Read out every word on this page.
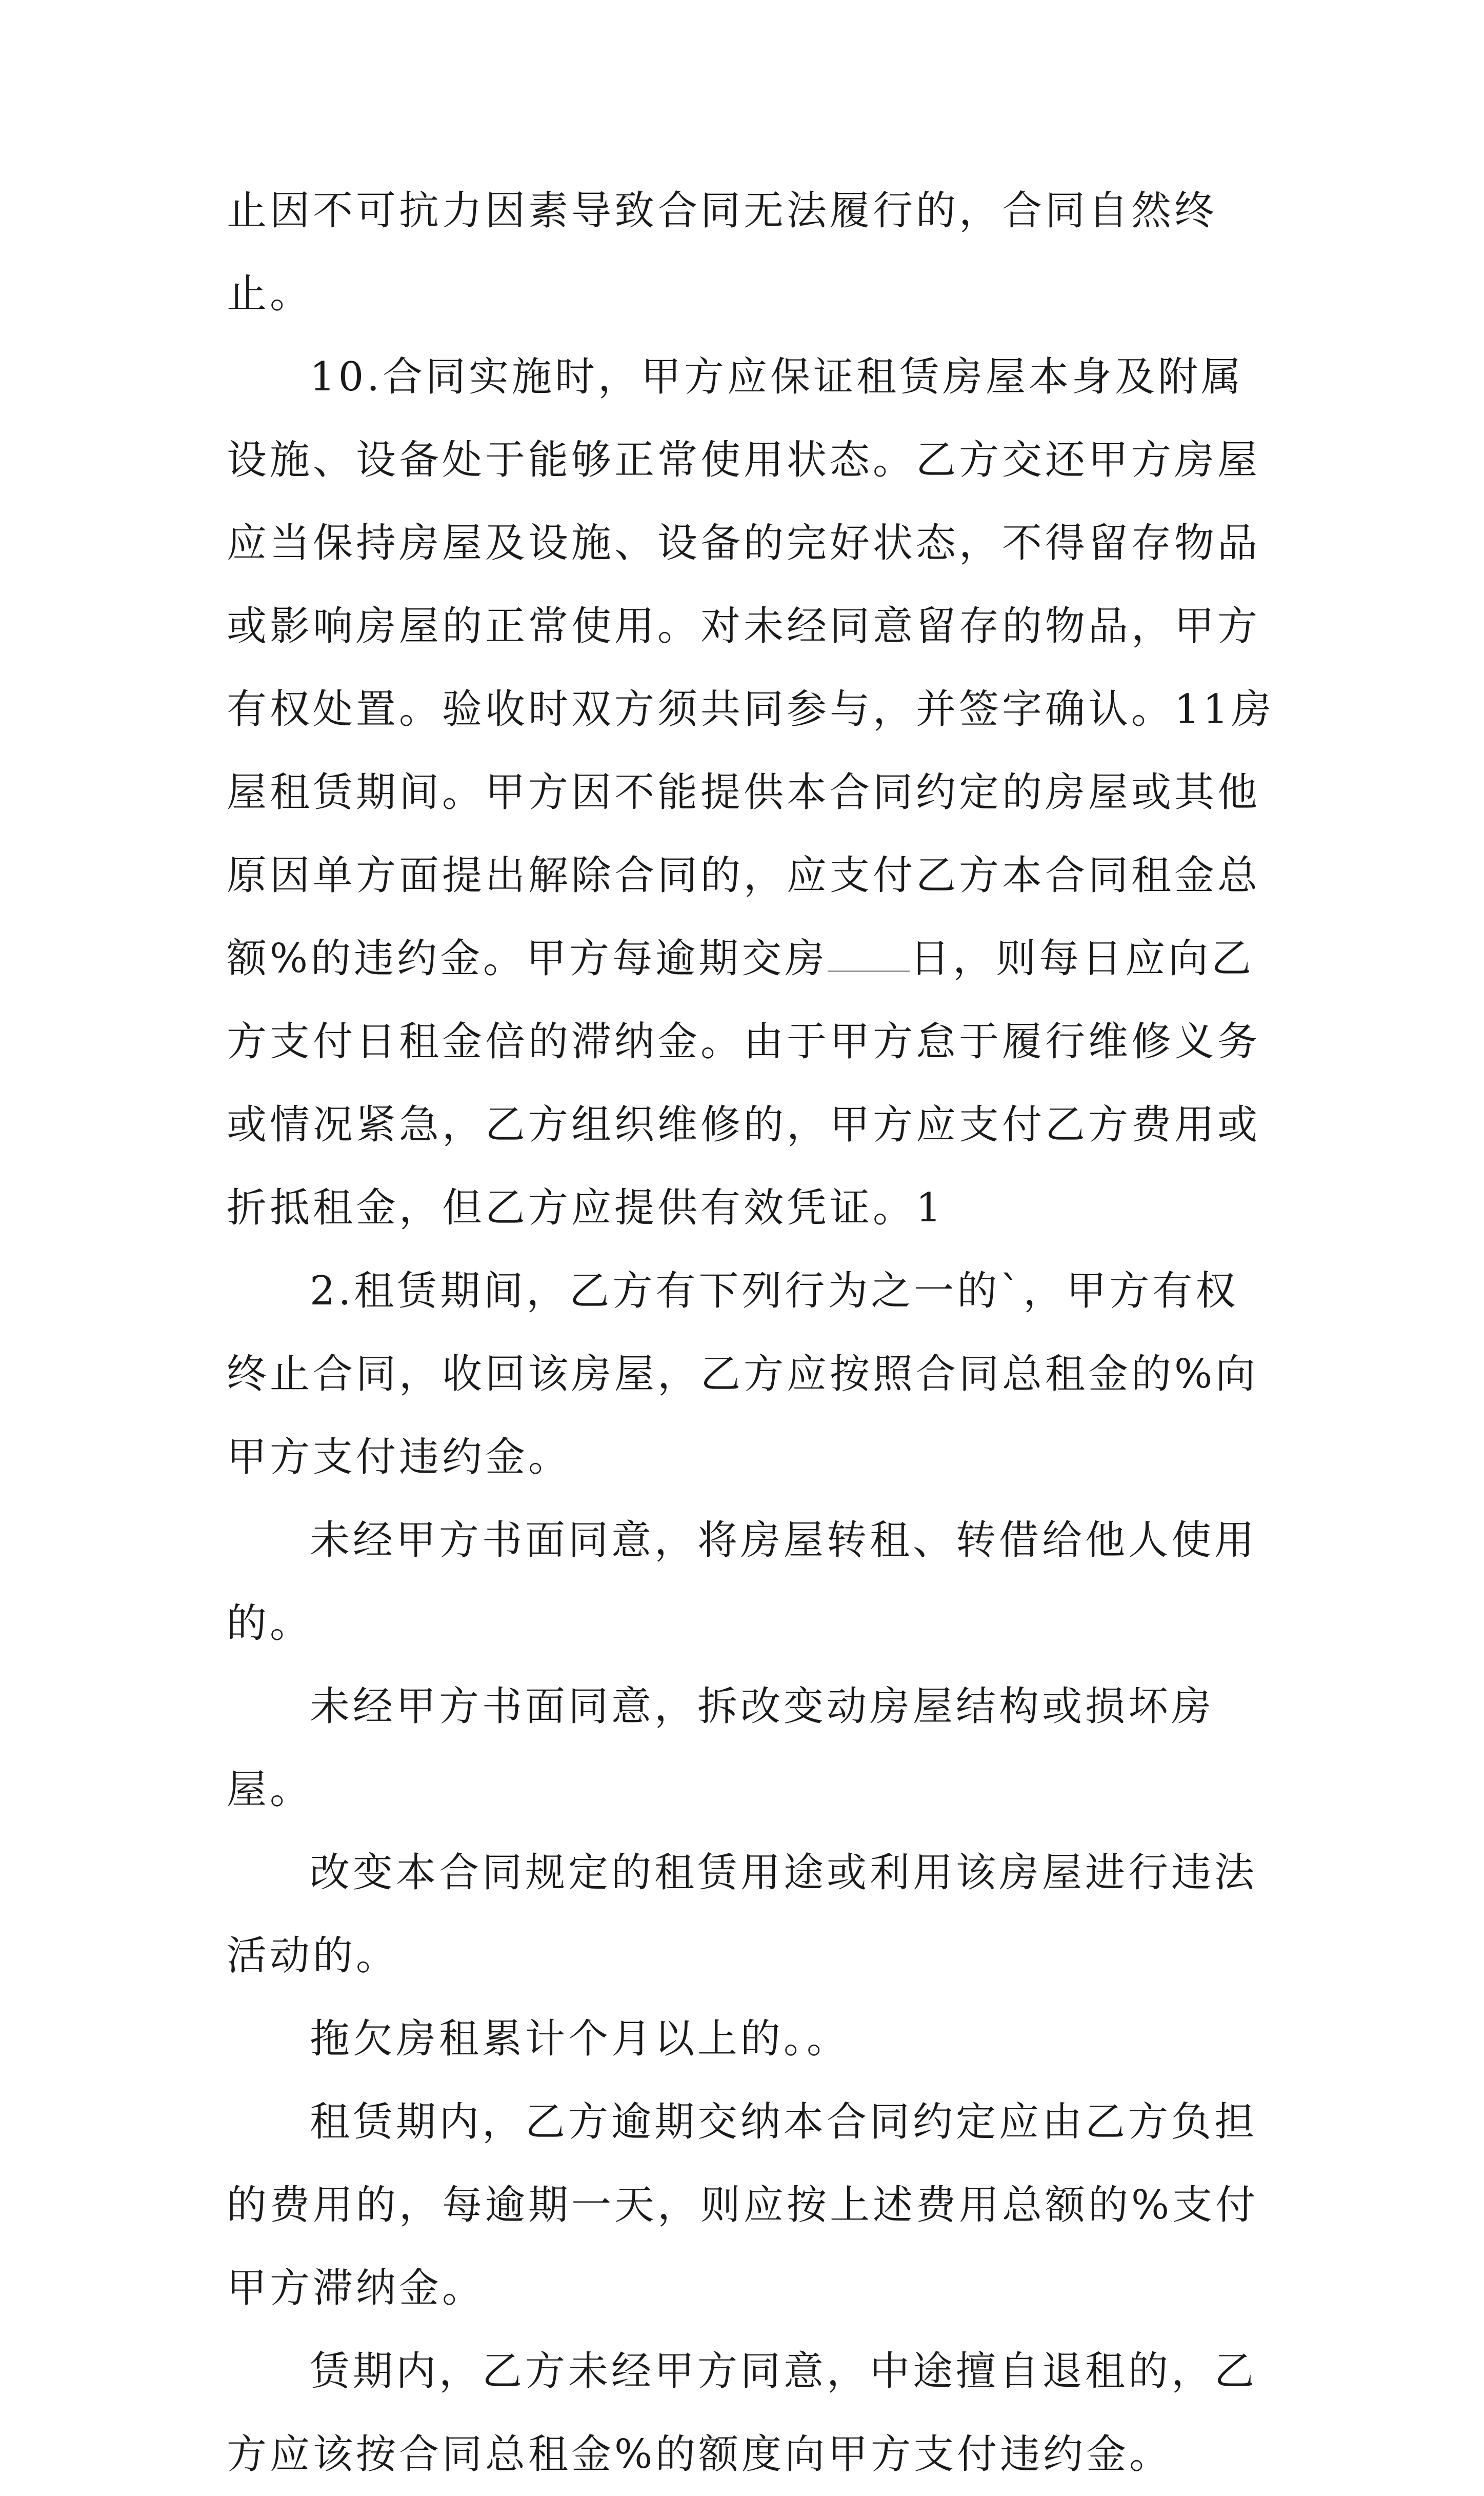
止因不可抗力因素导致合同无法履行的，合同自然终止。

10.合同实施时，甲方应保证租赁房屋本身及附属设施、设备处于能够正常使用状态。乙方交还甲方房屋应当保持房屋及设施、设备的完好状态，不得留存物品或影响房屋的正常使用。对未经同意留存的物品，甲方有权处置。验收时双方须共同参与，并签字确认。11房屋租赁期间。甲方因不能提供本合同约定的房屋或其他原因单方面提出解除合同的，应支付乙方本合同租金总额%的违约金。甲方每逾期交房 日，则每日应向乙方支付日租金倍的滞纳金。由于甲方怠于履行维修义务或情况紧急，乙方组织维修的，甲方应支付乙方费用或折抵租金，但乙方应提供有效凭证。1

2.租赁期间，乙方有下列行为之一的`，甲方有权终止合同，收回该房屋，乙方应按照合同总租金的%向甲方支付违约金。

未经甲方书面同意，将房屋转租、转借给他人使用的。

未经甲方书面同意，拆改变动房屋结构或损坏房屋。

改变本合同规定的租赁用途或利用该房屋进行违法活动的。

拖欠房租累计个月以上的。。

租赁期内，乙方逾期交纳本合同约定应由乙方负担的费用的，每逾期一天，则应按上述费用总额的%支付甲方滞纳金。

赁期内，乙方未经甲方同意，中途擅自退租的，乙方应该按合同总租金%的额度向甲方支付违约金。
